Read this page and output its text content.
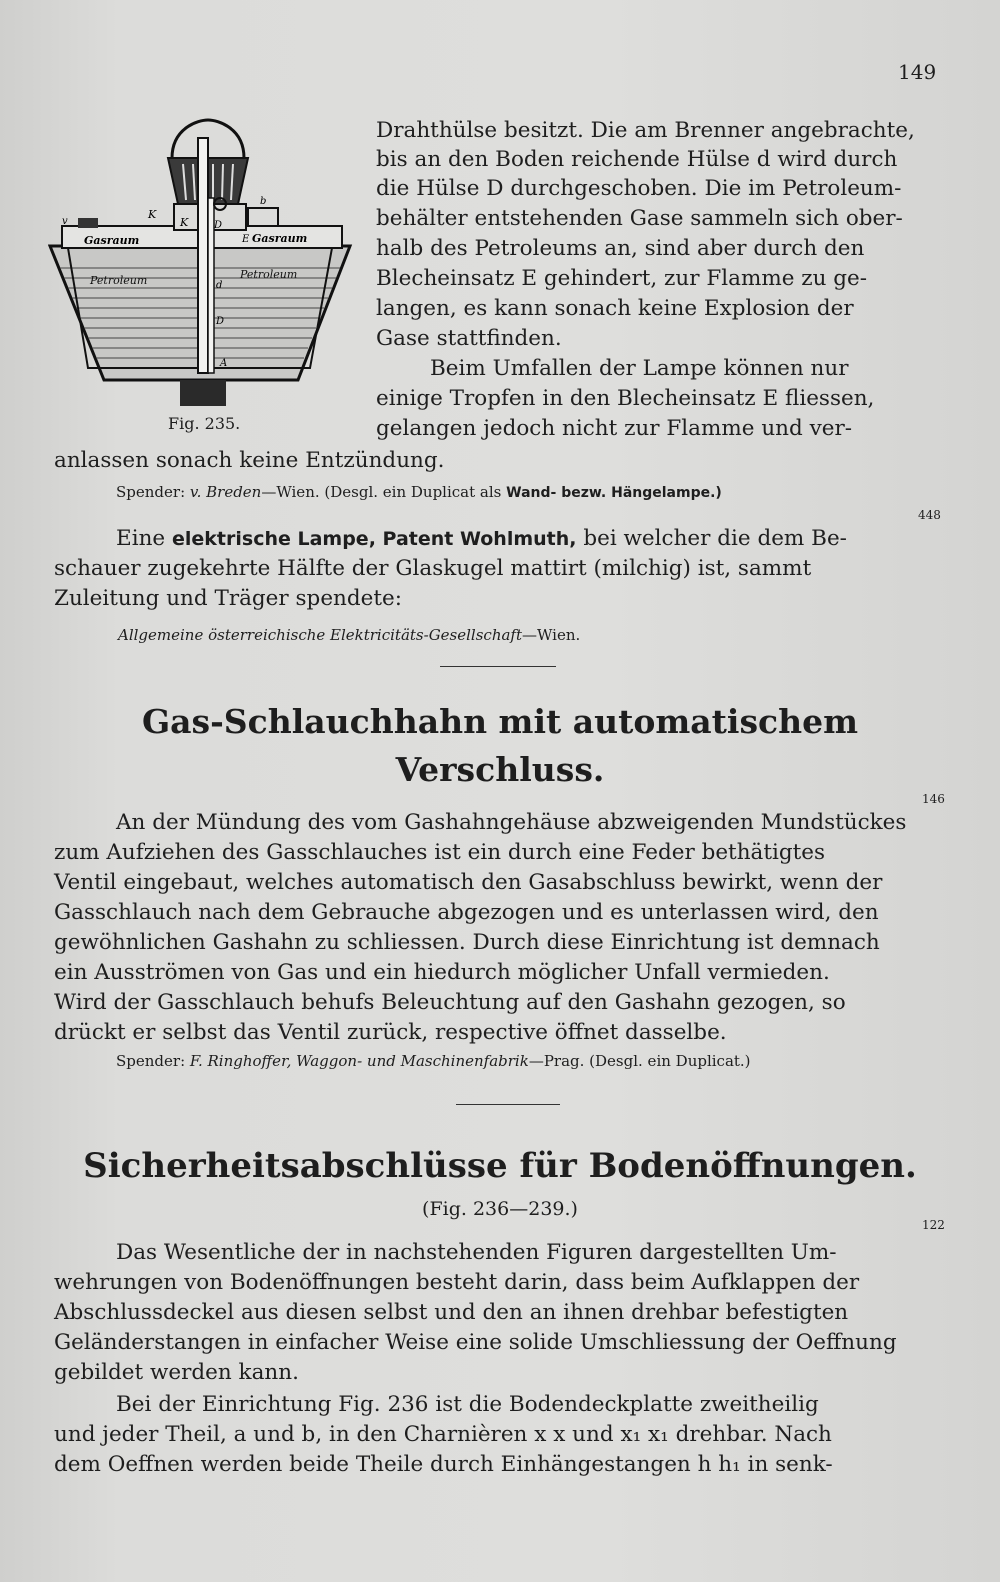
149
K
K	D
b
v
Gasraum	E Gasraum
Petroleum	Petroleum
d
D
A
Fig. 235.

Drahthülse besitzt. Die am Brenner angebrachte,

bis an den Boden reichende Hülse d wird durch

die Hülse D durchgeschoben. Die im Petroleum-

behälter entstehenden Gase sammeln sich ober-

halb des Petroleums an, sind aber durch den

Blecheinsatz E gehindert, zur Flamme zu ge-

langen, es kann sonach keine Explosion der

Gase stattfinden.

Beim Umfallen der Lampe können nur

einige Tropfen in den Blecheinsatz E fliessen,

gelangen jedoch nicht zur Flamme und ver-

anlassen sonach keine Entzündung.

Spender: v. Breden—Wien. (Desgl. ein Duplicat als Wand- bezw. Hängelampe.)
448

Eine elektrische Lampe, Patent Wohlmuth, bei welcher die dem Be-

schauer zugekehrte Hälfte der Glaskugel mattirt (milchig) ist, sammt

Zuleitung und Träger spendete:

Allgemeine österreichische Elektricitäts-Gesellschaft—Wien.

Gas-Schlauchhahn mit automatischem

Verschluss.

146

An der Mündung des vom Gashahngehäuse abzweigenden Mundstückes

zum Aufziehen des Gasschlauches ist ein durch eine Feder bethätigtes

Ventil eingebaut, welches automatisch den Gasabschluss bewirkt, wenn der

Gasschlauch nach dem Gebrauche abgezogen und es unterlassen wird, den

gewöhnlichen Gashahn zu schliessen. Durch diese Einrichtung ist demnach

ein Ausströmen von Gas und ein hiedurch möglicher Unfall vermieden.

Wird der Gasschlauch behufs Beleuchtung auf den Gashahn gezogen, so

drückt er selbst das Ventil zurück, respective öffnet dasselbe.

Spender: F. Ringhoffer, Waggon- und Maschinenfabrik—Prag. (Desgl. ein Duplicat.)

Sicherheitsabschlüsse für Bodenöffnungen.

(Fig. 236—239.)
122

Das Wesentliche der in nachstehenden Figuren dargestellten Um-

wehrungen von Bodenöffnungen besteht darin, dass beim Aufklappen der

Abschlussdeckel aus diesen selbst und den an ihnen drehbar befestigten

Geländerstangen in einfacher Weise eine solide Umschliessung der Oeffnung

gebildet werden kann.

Bei der Einrichtung Fig. 236 ist die Bodendeckplatte zweitheilig

und jeder Theil, a und b, in den Charnièren x x und x₁ x₁ drehbar. Nach

dem Oeffnen werden beide Theile durch Einhängestangen h h₁ in senk-
